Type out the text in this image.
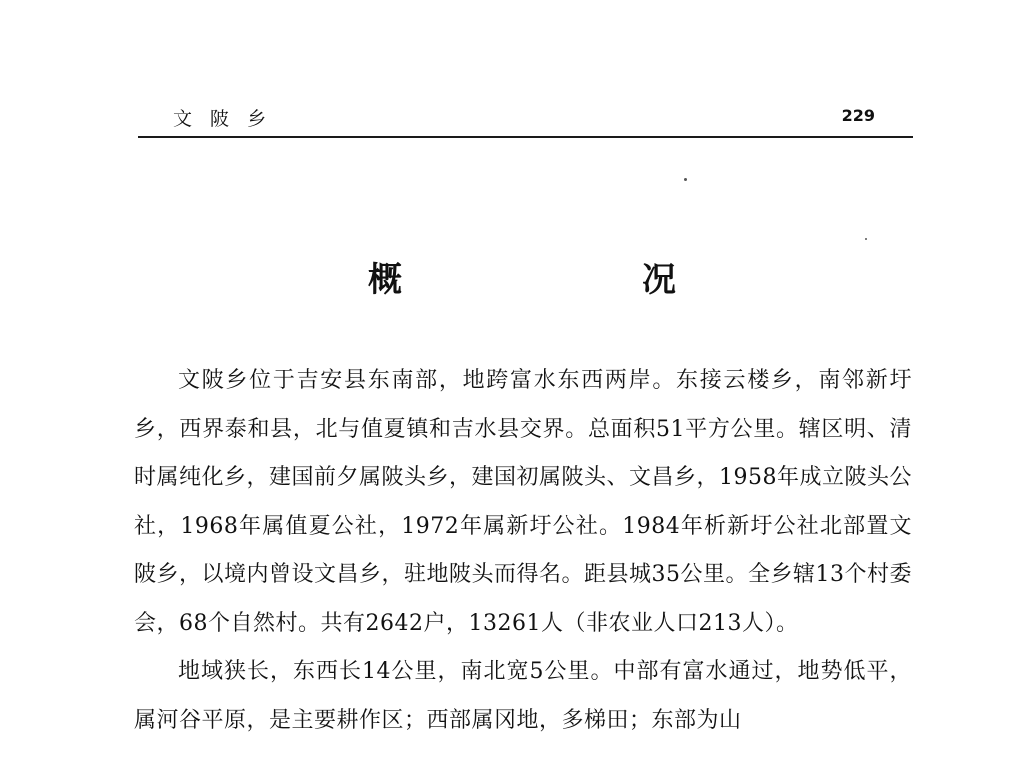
文 陂 乡	229
概	况

文陂乡位于吉安县东南部，地跨富水东西两岸。东接云楼乡，南邻新圩乡，西界泰和县，北与值夏镇和吉水县交界。总面积51平方公里。辖区明、清时属纯化乡，建国前夕属陂头乡，建国初属陂头、文昌乡，1958年成立陂头公社，1968年属值夏公社，1972年属新圩公社。1984年析新圩公社北部置文陂乡，以境内曾设文昌乡，驻地陂头而得名。距县城35公里。全乡辖13个村委会，68个自然村。共有2642户，13261人（非农业人口213人）。

地域狭长，东西长14公里，南北宽5公里。中部有富水通过，地势低平，属河谷平原，是主要耕作区；西部属冈地，多梯田；东部为山
